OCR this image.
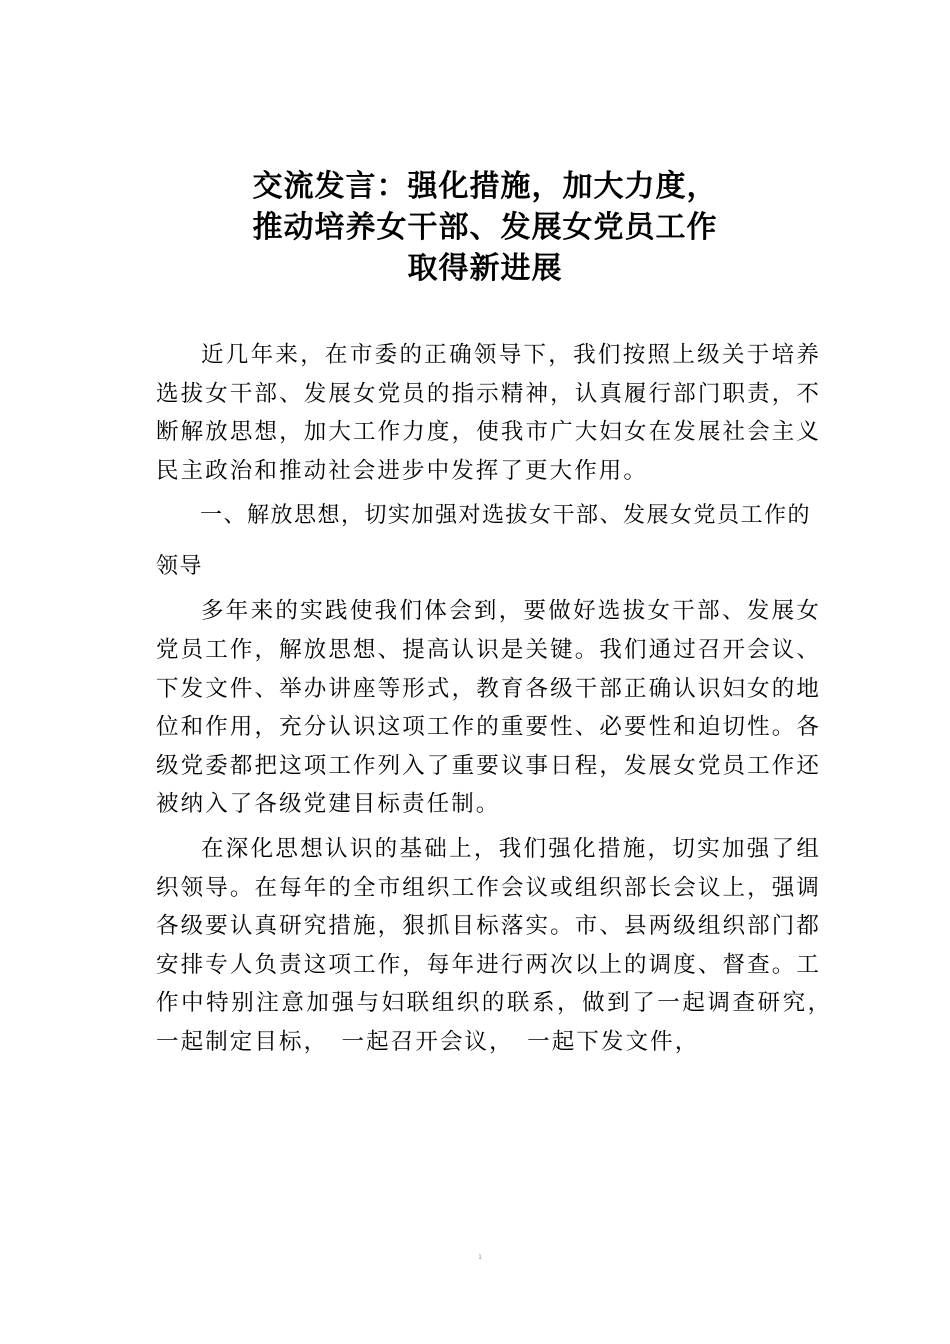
交流发言：强化措施，加大力度，
推动培养女干部、发展女党员工作
取得新进展

近几年来，在市委的正确领导下，我们按照上级关于培养选拔女干部、发展女党员的指示精神，认真履行部门职责，不断解放思想，加大工作力度，使我市广大妇女在发展社会主义民主政治和推动社会进步中发挥了更大作用。

一、解放思想，切实加强对选拔女干部、发展女党员工作的领导

多年来的实践使我们体会到，要做好选拔女干部、发展女党员工作，解放思想、提高认识是关键。我们通过召开会议、下发文件、举办讲座等形式，教育各级干部正确认识妇女的地位和作用，充分认识这项工作的重要性、必要性和迫切性。各级党委都把这项工作列入了重要议事日程，发展女党员工作还被纳入了各级党建目标责任制。

在深化思想认识的基础上，我们强化措施，切实加强了组织领导。在每年的全市组织工作会议或组织部长会议上，强调各级要认真研究措施，狠抓目标落实。市、县两级组织部门都安排专人负责这项工作，每年进行两次以上的调度、督查。工作中特别注意加强与妇联组织的联系，做到了一起调查研究，　一起制定目标，　一起召开会议，　一起下发文件，

1
